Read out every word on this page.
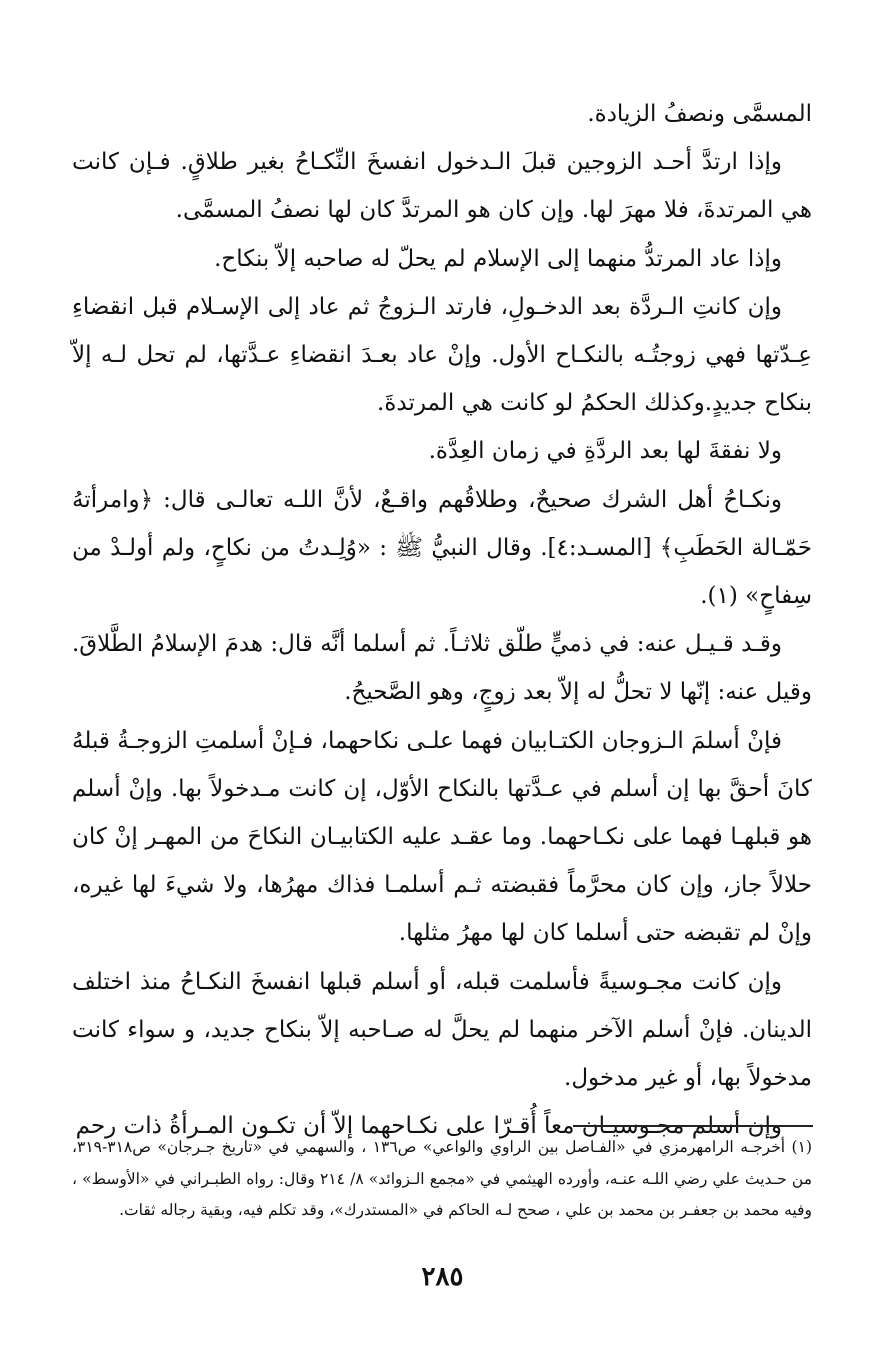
المسمَّى ونصفُ الزيادة.

وإذا ارتدَّ أحـد الزوجين قبلَ الـدخول انفسخَ النِّكـاحُ بغير طلاقٍ. فـإن كانت هي المرتدةَ، فلا مهرَ لها. وإن كان هو المرتدَّ كان لها نصفُ المسمَّى.

وإذا عاد المرتدُّ منهما إلى الإسلام لم يحلّ له صاحبه إلاّ بنكاح.

وإن كانتِ الـردَّة بعد الدخـولِ، فارتد الـزوجُ ثم عاد إلى الإسـلام قبل انقضاءِ عِـدّتها فهي زوجتُـه بالنكـاح الأول. وإنْ عاد بعـدَ انقضاءِ عـدَّتها، لم تحل لـه إلاّ بنكاح جديدٍ.وكذلك الحكمُ لو كانت هي المرتدةَ.

ولا نفقةَ لها بعد الردَّةِ في زمان العِدَّة.

ونكـاحُ أهل الشرك صحيحٌ، وطلاقُهم واقـعٌ، لأنَّ اللـه تعالـى قال: ﴿وامرأتهُ حَمّـالة الحَطَبِ﴾ [المسـد:٤]. وقال النبيُّ ﷺ : «وُلِـدتُ من نكاحٍ، ولم أولـدْ من سِفاحٍ» (١).

وقـد قـيـل عنه: في ذميٍّ طلّق ثلاثـاً. ثم أسلما أنَّه قال: هدمَ الإسلامُ الطَّلاقَ. وقيل عنه: إنّها لا تحلُّ له إلاّ بعد زوجٍ، وهو الصَّحيحُ.

فإنْ أسلمَ الـزوجان الكتـابيان فهما علـى نكاحهما، فـإنْ أسلمتِ الزوجـةُ قبلهُ كانَ أحقَّ بها إن أسلم في عـدَّتها بالنكاح الأوّل، إن كانت مـدخولاً بها. وإنْ أسلم هو قبلهـا فهما على نكـاحهما. وما عقـد عليه الكتابيـان النكاحَ من المهـر إنْ كان حلالاً جاز، وإن كان محرَّماً فقبضته ثـم أسلمـا فذاك مهرُها، ولا شيءَ لها غيره، وإنْ لم تقبضه حتى أسلما كان لها مهرُ مثلها.

وإن كانت مجـوسيةً فأسلمت قبله، أو أسلم قبلها انفسخَ النكـاحُ منذ اختلف الدينان. فإنْ أسلم الآخر منهما لم يحلَّ له صـاحبه إلاّ بنكاح جديد، و سواء كانت مدخولاً بها، أو غير مدخول.

وإن أسلم مجـوسيـان معاً أُقـرّا على نكـاحهما إلاّ أن تكـون المـرأةُ ذات رحم

(١) أخرجـه الرامهرمزي في «الفـاصل بين الراوي والواعي» ص١٣٦ ، والسهمي في «تاريخ جـرجان» ص٣١٨-٣١٩، من حـديث علي رضي اللـه عنـه، وأورده الهيثمي في «مجمع الـزوائد» ٨/ ٢١٤ وقال: رواه الطبـراني في «الأوسط» ، وفيه محمد بن جعفـر بن محمد بن علي ، صحح لـه الحاكم في «المستدرك»، وقد تكلم فيه، وبقية رجاله ثقات.

٢٨٥
